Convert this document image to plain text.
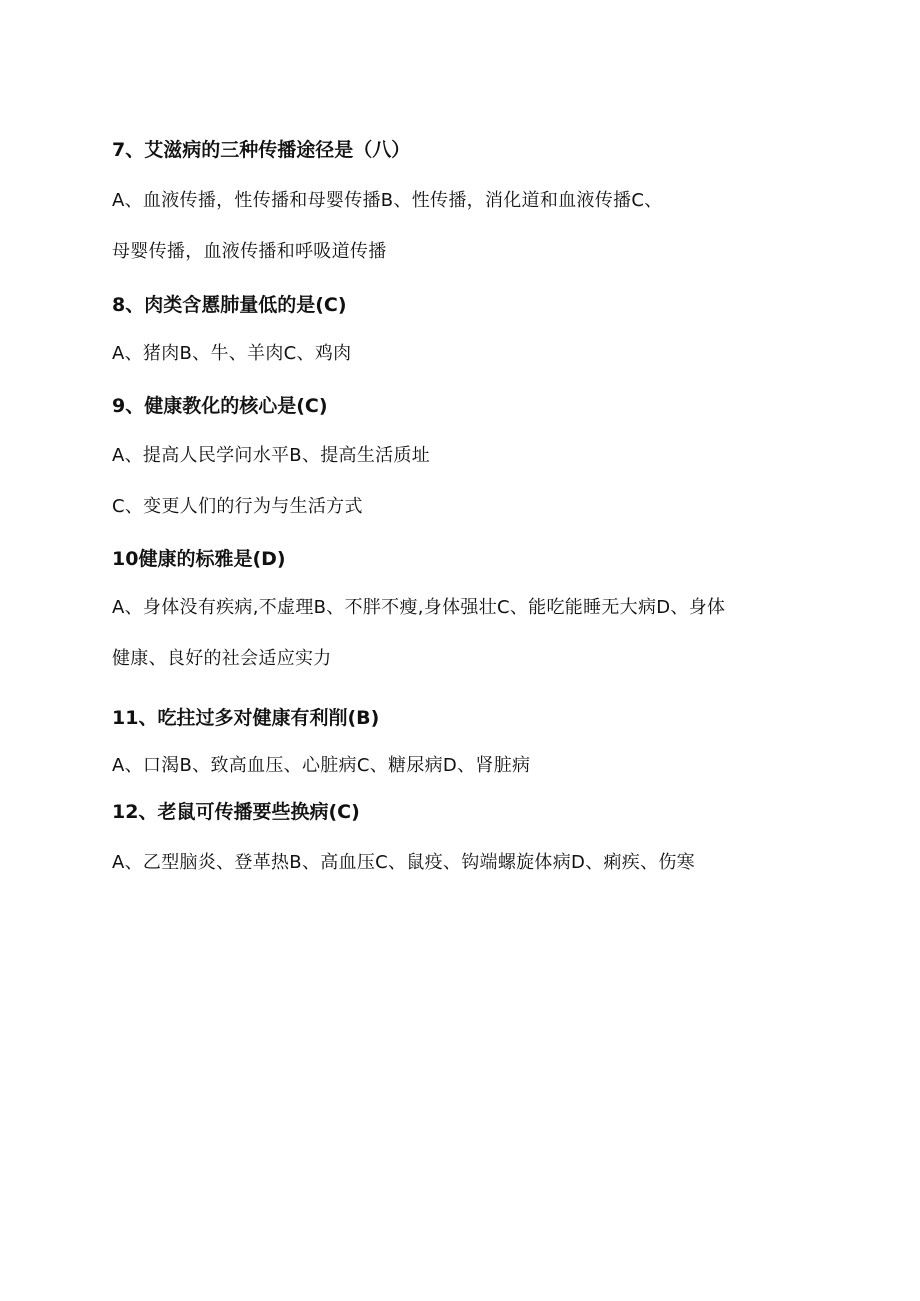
7、艾滋病的三种传播途径是（八）
A、血液传播，性传播和母婴传播B、性传播，消化道和血液传播C、
母婴传播，血液传播和呼吸道传播
8、肉类含慝肺量低的是(C)
A、猪肉B、牛、羊肉C、鸡肉
9、健康教化的核心是(C)
A、提高人民学问水平B、提高生活质址
C、变更人们的行为与生活方式
10健康的标雅是(D)
A、身体没有疾病,不虚理B、不胖不瘦,身体强壮C、能吃能睡无大病D、身体
健康、良好的社会适应实力
11、吃拄过多对健康有利削(B)
A、口渴B、致高血压、心脏病C、糖尿病D、肾脏病
12、老鼠可传播要些换病(C)
A、乙型脑炎、登革热B、高血压C、鼠疫、钩端螺旋体病D、痢疾、伤寒
